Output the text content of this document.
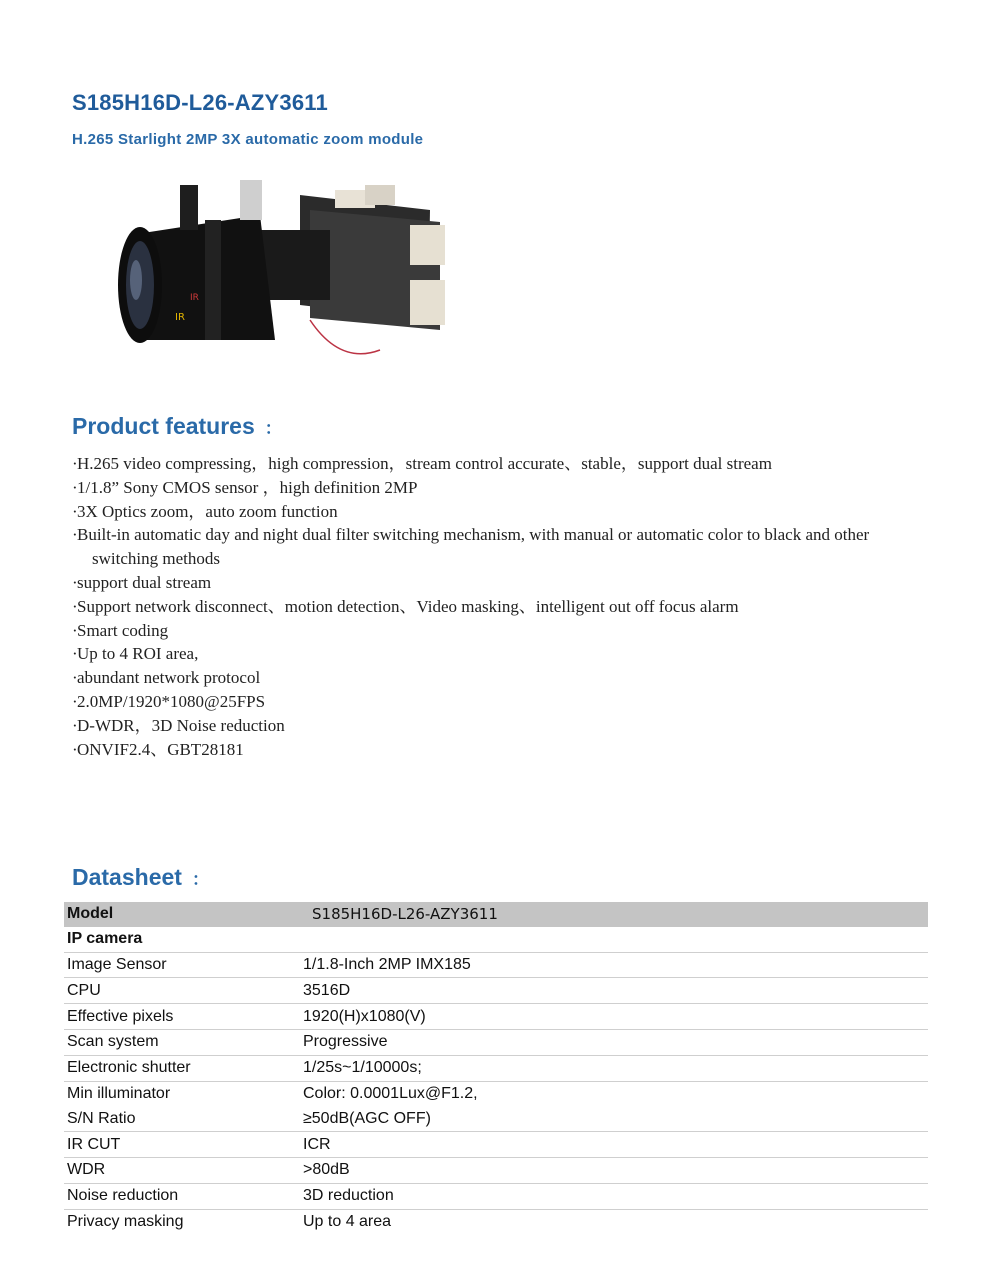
S185H16D-L26-AZY3611
H.265 Starlight 2MP 3X automatic zoom module
IR
IR
Product features ：
·H.265 video compressing，high compression，stream control accurate、stable，support dual stream
·1/1.8” Sony CMOS sensor ，high definition 2MP
·3X Optics zoom，auto zoom function
·Built-in automatic day and night dual filter switching mechanism, with manual or automatic color to black and other switching methods
·support dual stream
·Support network disconnect、motion detection、Video masking、intelligent out off focus alarm
·Smart coding
·Up to 4 ROI area,
·abundant network protocol
·2.0MP/1920*1080@25FPS
·D-WDR，3D Noise reduction
·ONVIF2.4、GBT28181
Datasheet ：
Model	S185H16D-L26-AZY3611
IP camera	
Image Sensor	1/1.8-Inch 2MP IMX185
CPU	3516D
Effective pixels	1920(H)x1080(V)
Scan system	Progressive
Electronic shutter	1/25s~1/10000s;
Min illuminator	Color: 0.0001Lux@F1.2,
S/N Ratio	≥50dB(AGC OFF)
IR CUT	ICR
WDR	>80dB
Noise reduction	3D reduction
Privacy masking	Up to 4 area
